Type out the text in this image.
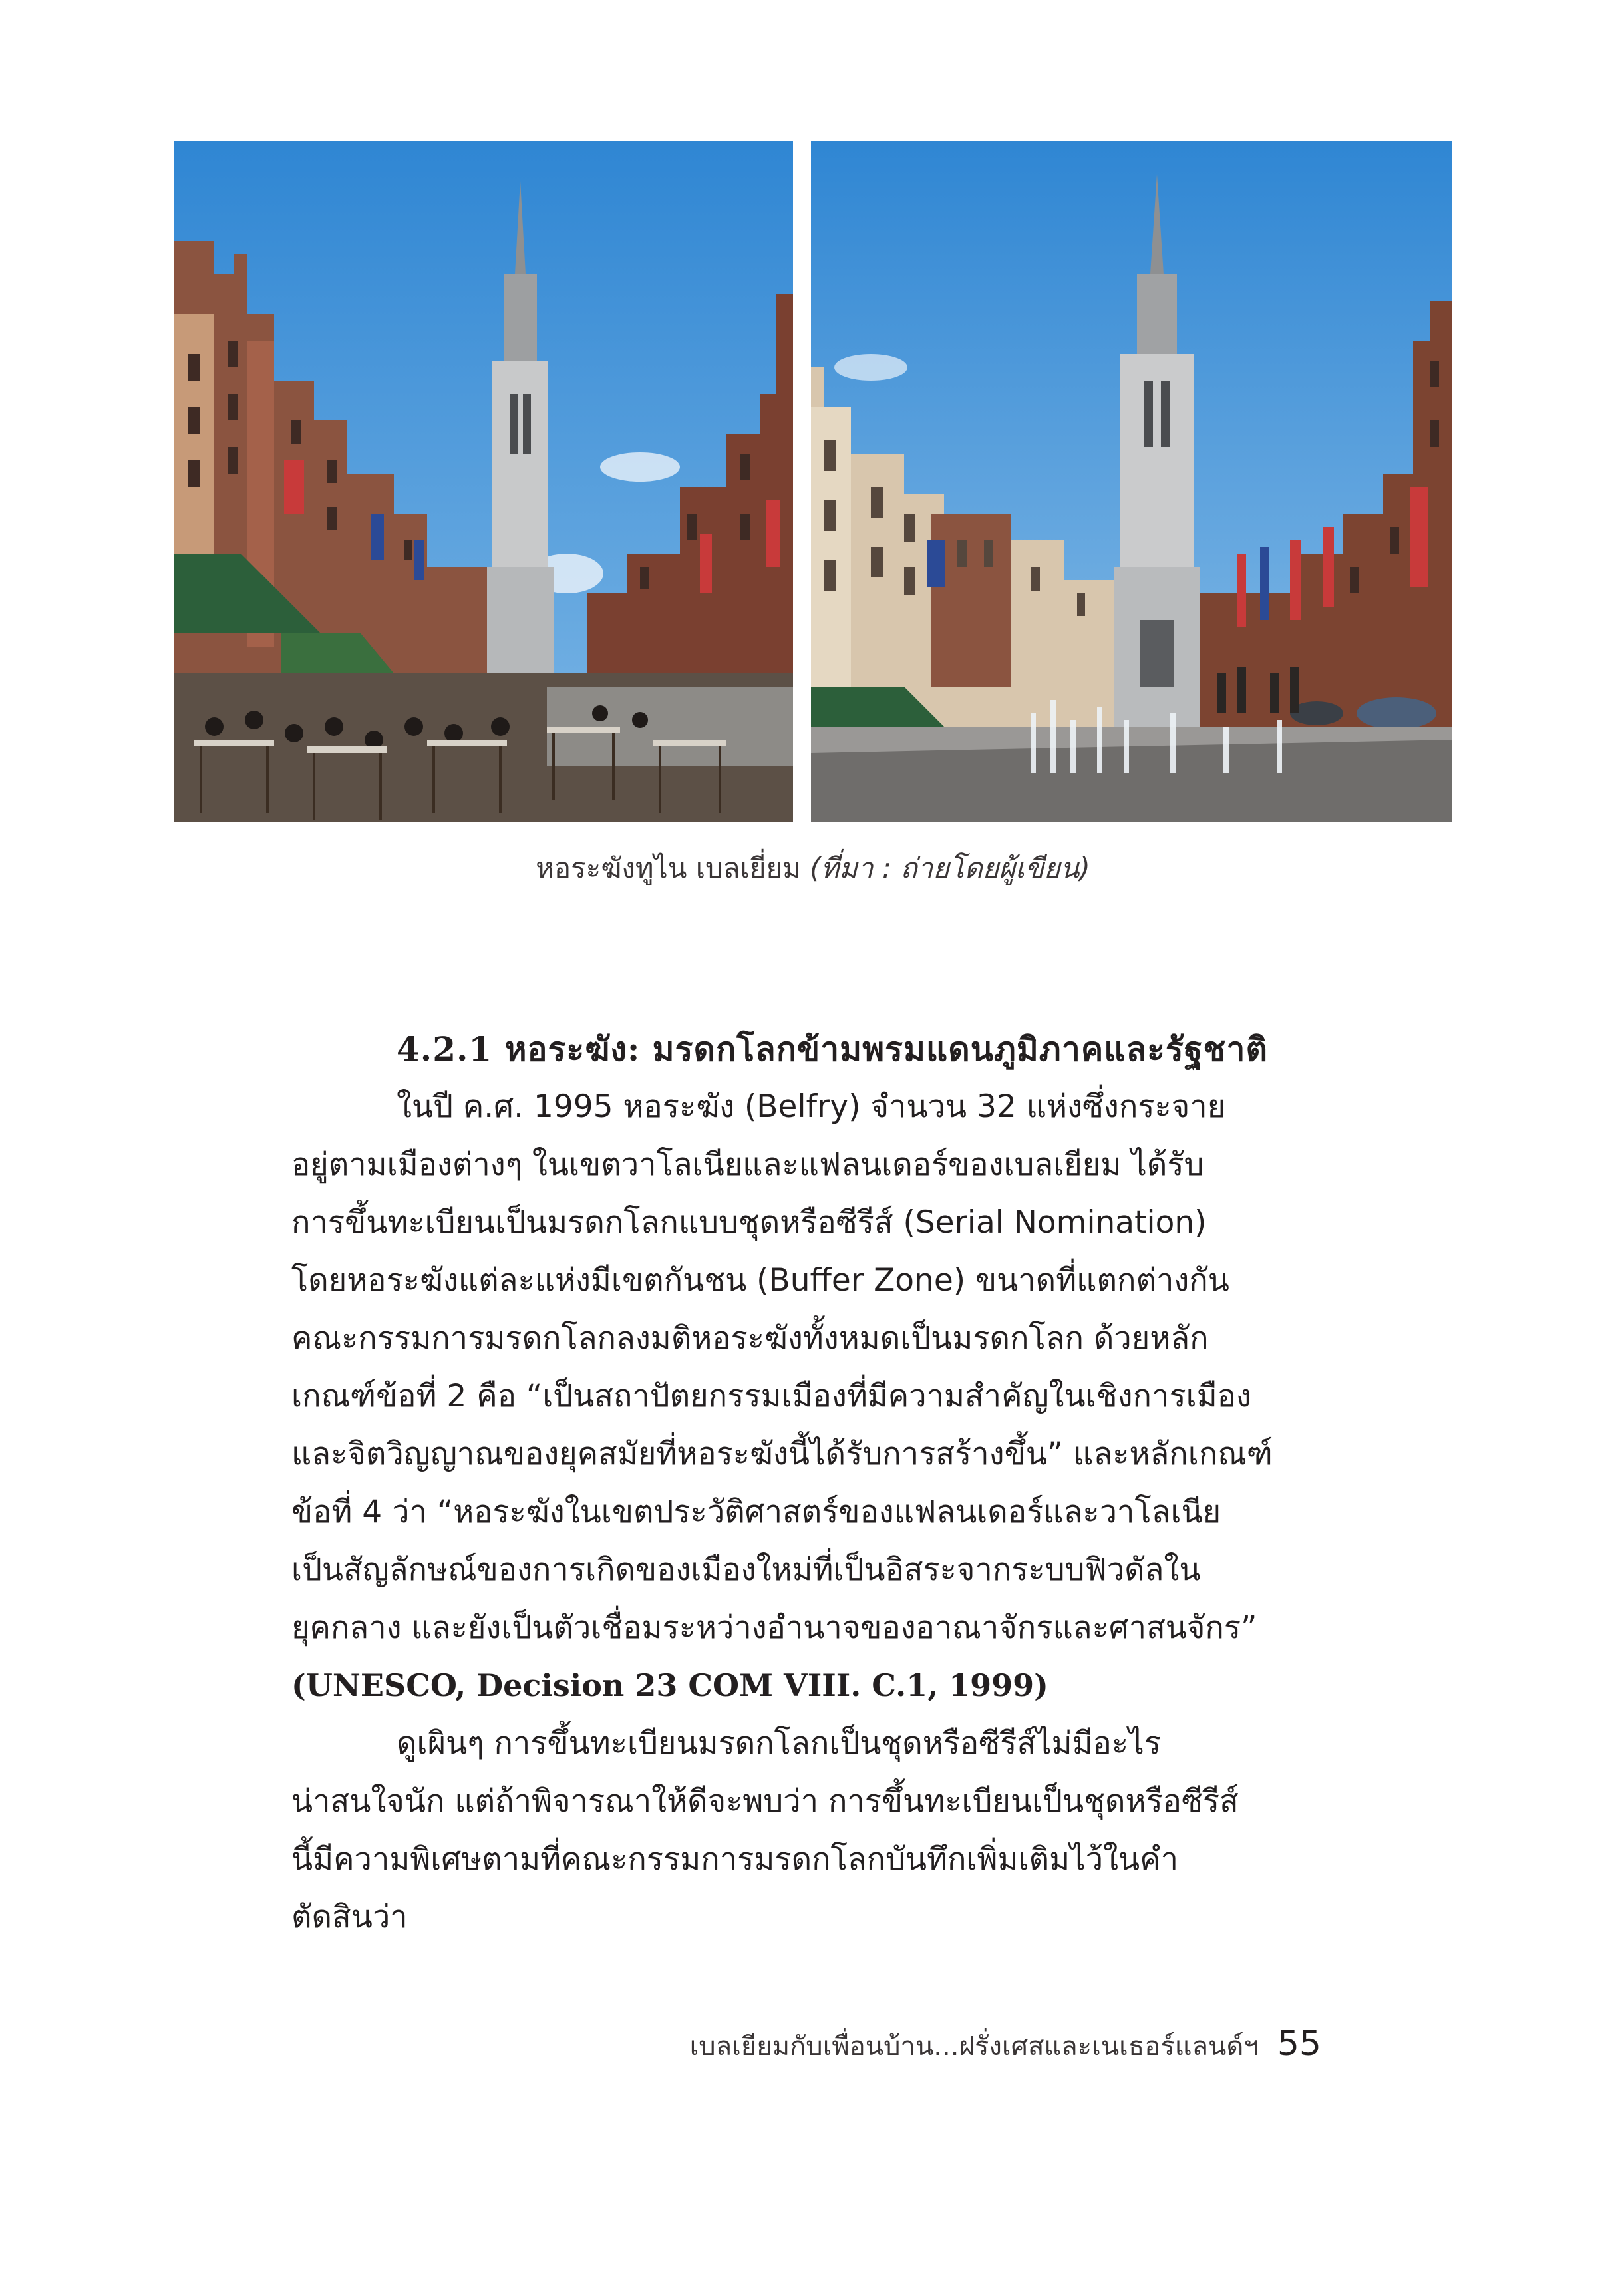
หอระฆังทูไน เบลเยี่ยม (ที่มา : ถ่ายโดยผู้เขียน)
4.2.1 หอระฆัง: มรดกโลกข้ามพรมแดนภูมิภาคและรัฐชาติ
ในปี ค.ศ. 1995 หอระฆัง (Belfry) จำนวน 32 แห่งซึ่งกระจาย
อยู่ตามเมืองต่างๆ ในเขตวาโลเนียและแฟลนเดอร์ของเบลเยียม ได้รับ
การขึ้นทะเบียนเป็นมรดกโลกแบบชุดหรือซีรีส์ (Serial Nomination)
โดยหอระฆังแต่ละแห่งมีเขตกันชน (Buffer Zone) ขนาดที่แตกต่างกัน
คณะกรรมการมรดกโลกลงมติหอระฆังทั้งหมดเป็นมรดกโลก ด้วยหลัก
เกณฑ์ข้อที่ 2 คือ “เป็นสถาปัตยกรรมเมืองที่มีความสำคัญในเชิงการเมือง
และจิตวิญญาณของยุคสมัยที่หอระฆังนี้ได้รับการสร้างขึ้น” และหลักเกณฑ์
ข้อที่ 4 ว่า “หอระฆังในเขตประวัติศาสตร์ของแฟลนเดอร์และวาโลเนีย
เป็นสัญลักษณ์ของการเกิดของเมืองใหม่ที่เป็นอิสระจากระบบฟิวดัลใน
ยุคกลาง และยังเป็นตัวเชื่อมระหว่างอำนาจของอาณาจักรและศาสนจักร”
(UNESCO, Decision 23 COM VIII. C.1, 1999)
ดูเผินๆ การขึ้นทะเบียนมรดกโลกเป็นชุดหรือซีรีส์ไม่มีอะไร
น่าสนใจนัก แต่ถ้าพิจารณาให้ดีจะพบว่า การขึ้นทะเบียนเป็นชุดหรือซีรีส์
นี้มีความพิเศษตามที่คณะกรรมการมรดกโลกบันทึกเพิ่มเติมไว้ในคำ
ตัดสินว่า
เบลเยียมกับเพื่อนบ้าน...ฝรั่งเศสและเนเธอร์แลนด์ฯ 55
